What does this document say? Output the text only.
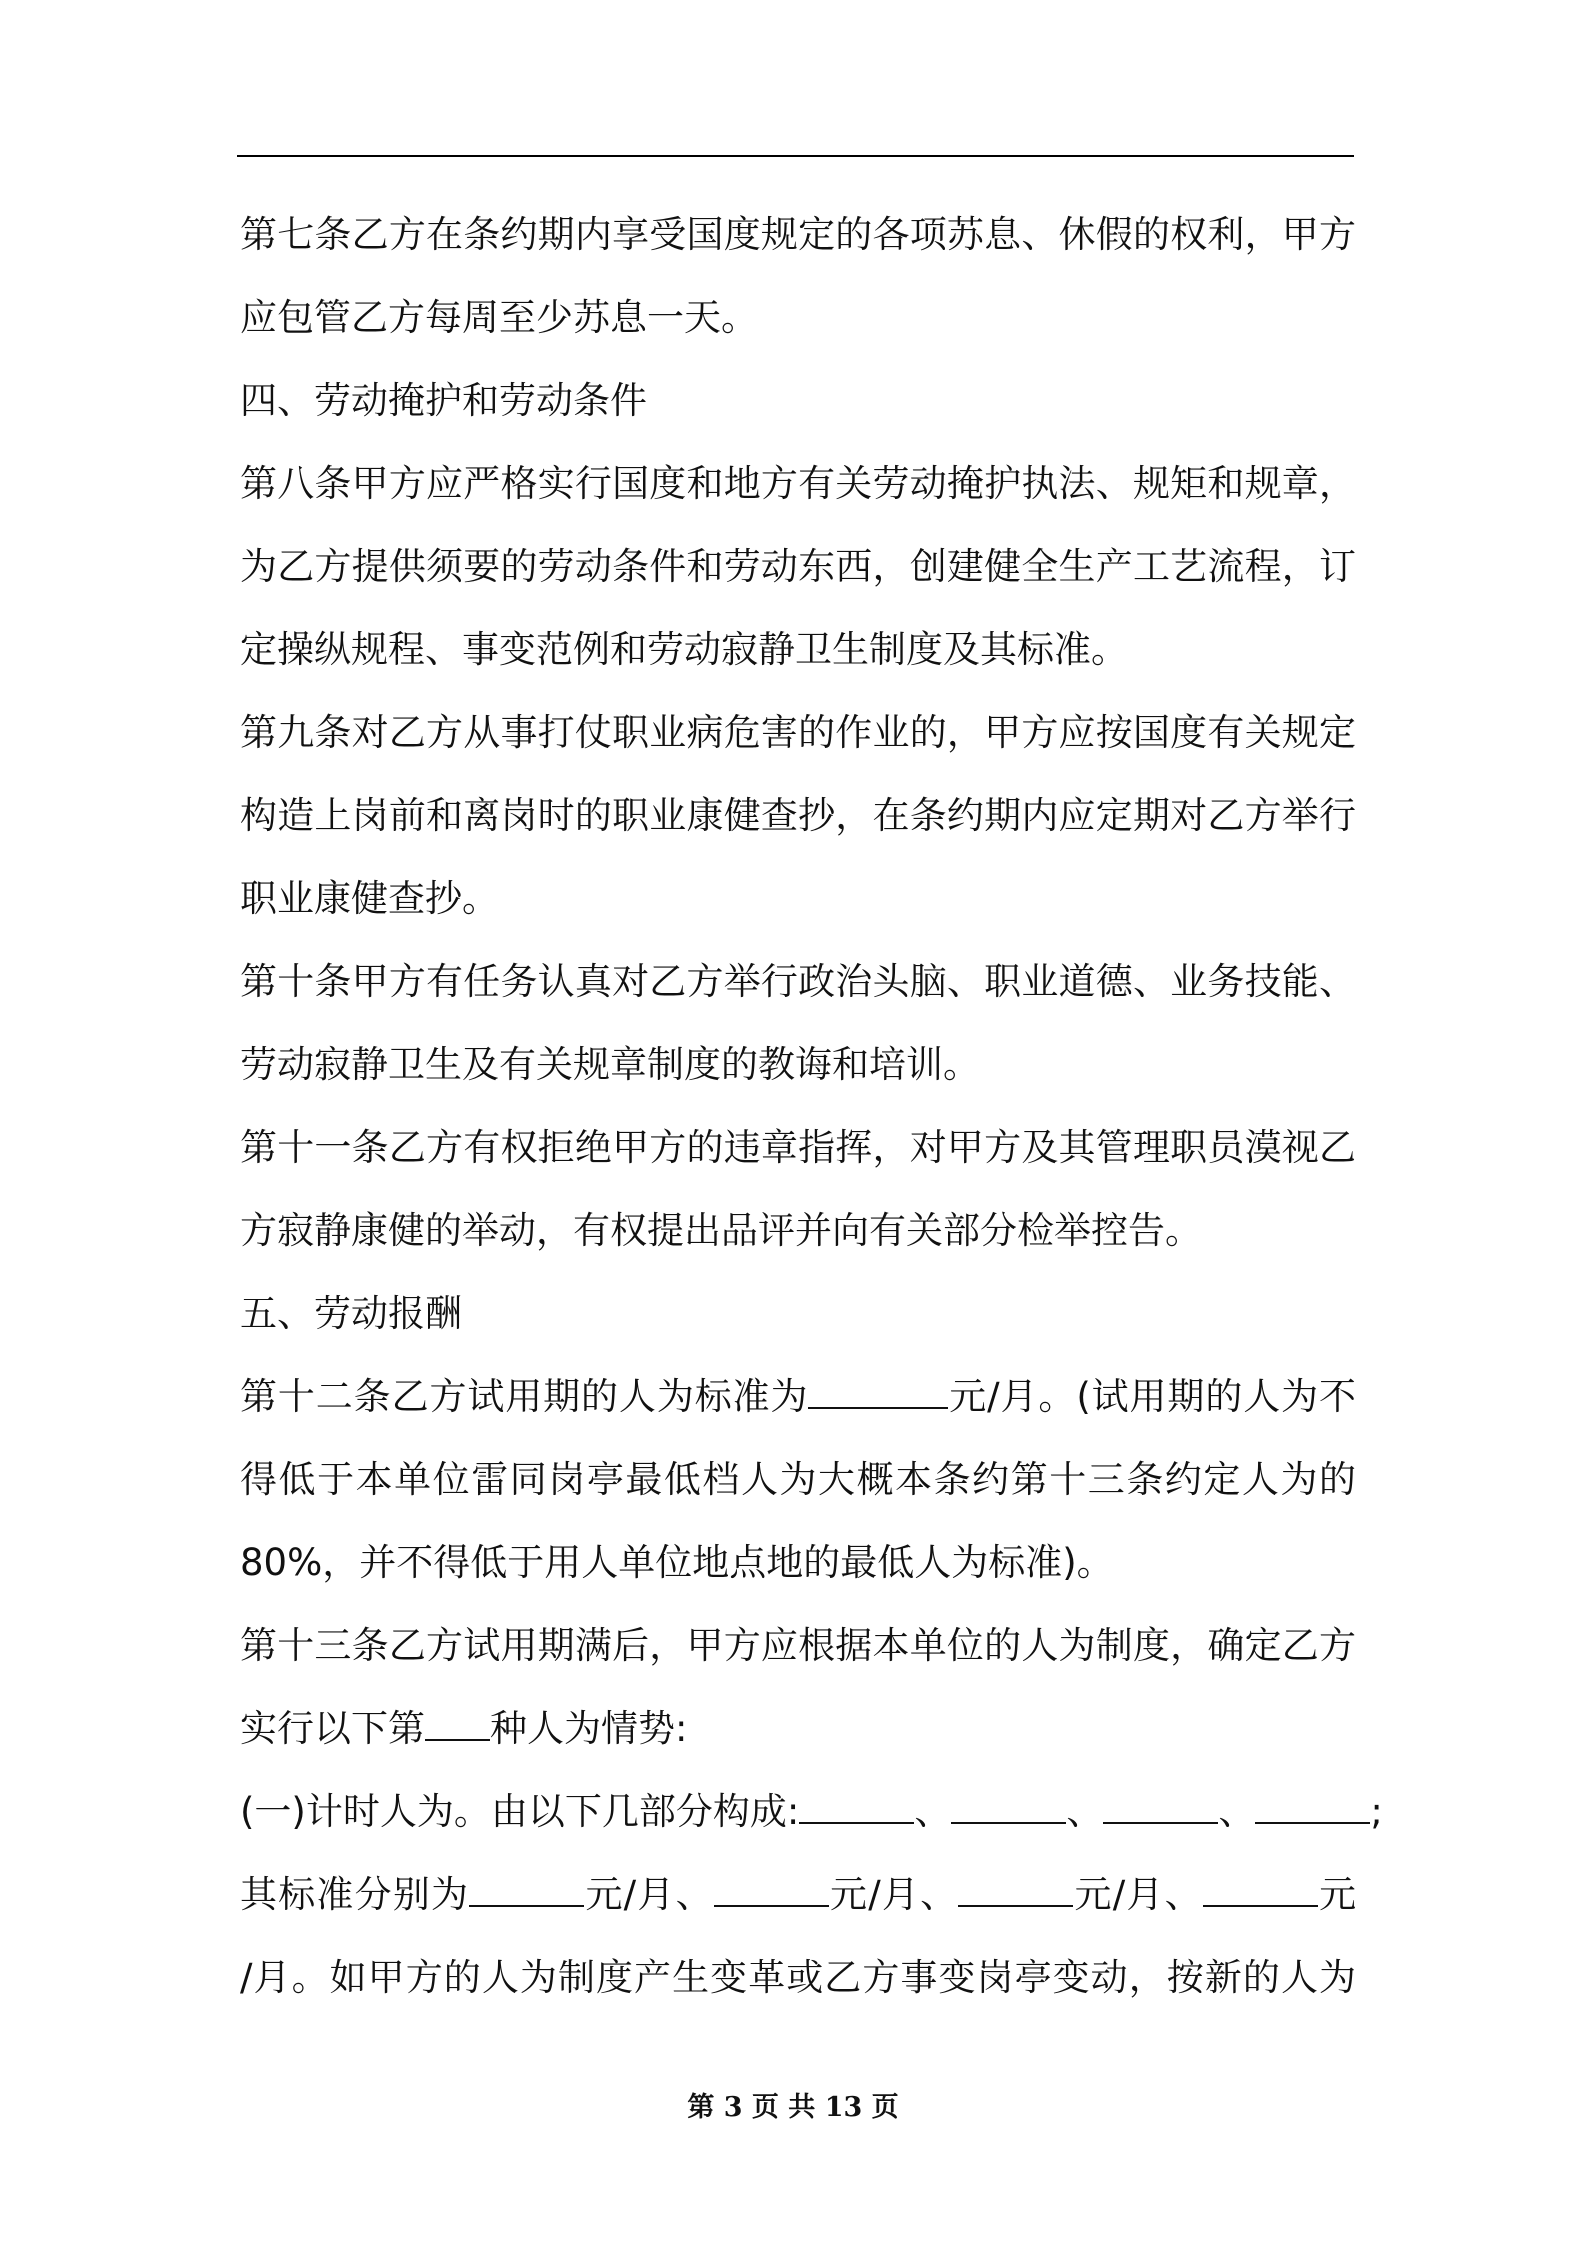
第七条乙方在条约期内享受国度规定的各项苏息、休假的权利，甲方
应包管乙方每周至少苏息一天。
四、劳动掩护和劳动条件
第八条甲方应严格实行国度和地方有关劳动掩护执法、规矩和规章，
为乙方提供须要的劳动条件和劳动东西，创建健全生产工艺流程，订
定操纵规程、事变范例和劳动寂静卫生制度及其标准。
第九条对乙方从事打仗职业病危害的作业的，甲方应按国度有关规定
构造上岗前和离岗时的职业康健查抄，在条约期内应定期对乙方举行
职业康健查抄。
第十条甲方有任务认真对乙方举行政治头脑、职业道德、业务技能、
劳动寂静卫生及有关规章制度的教诲和培训。
第十一条乙方有权拒绝甲方的违章指挥，对甲方及其管理职员漠视乙
方寂静康健的举动，有权提出品评并向有关部分检举控告。
五、劳动报酬
第十二条乙方试用期的人为标准为	元/月。(试用期的人为不
得低于本单位雷同岗亭最低档人为大概本条约第十三条约定人为的
80%，并不得低于用人单位地点地的最低人为标准)。
第十三条乙方试用期满后，甲方应根据本单位的人为制度，确定乙方
实行以下第 种人为情势:
(一)计时人为。由以下几部分构成:	、	、	、	;
其标准分别为	元/月、	元/月、	元/月、	元
/月。如甲方的人为制度产生变革或乙方事变岗亭变动，按新的人为
第 3 页 共 13 页
